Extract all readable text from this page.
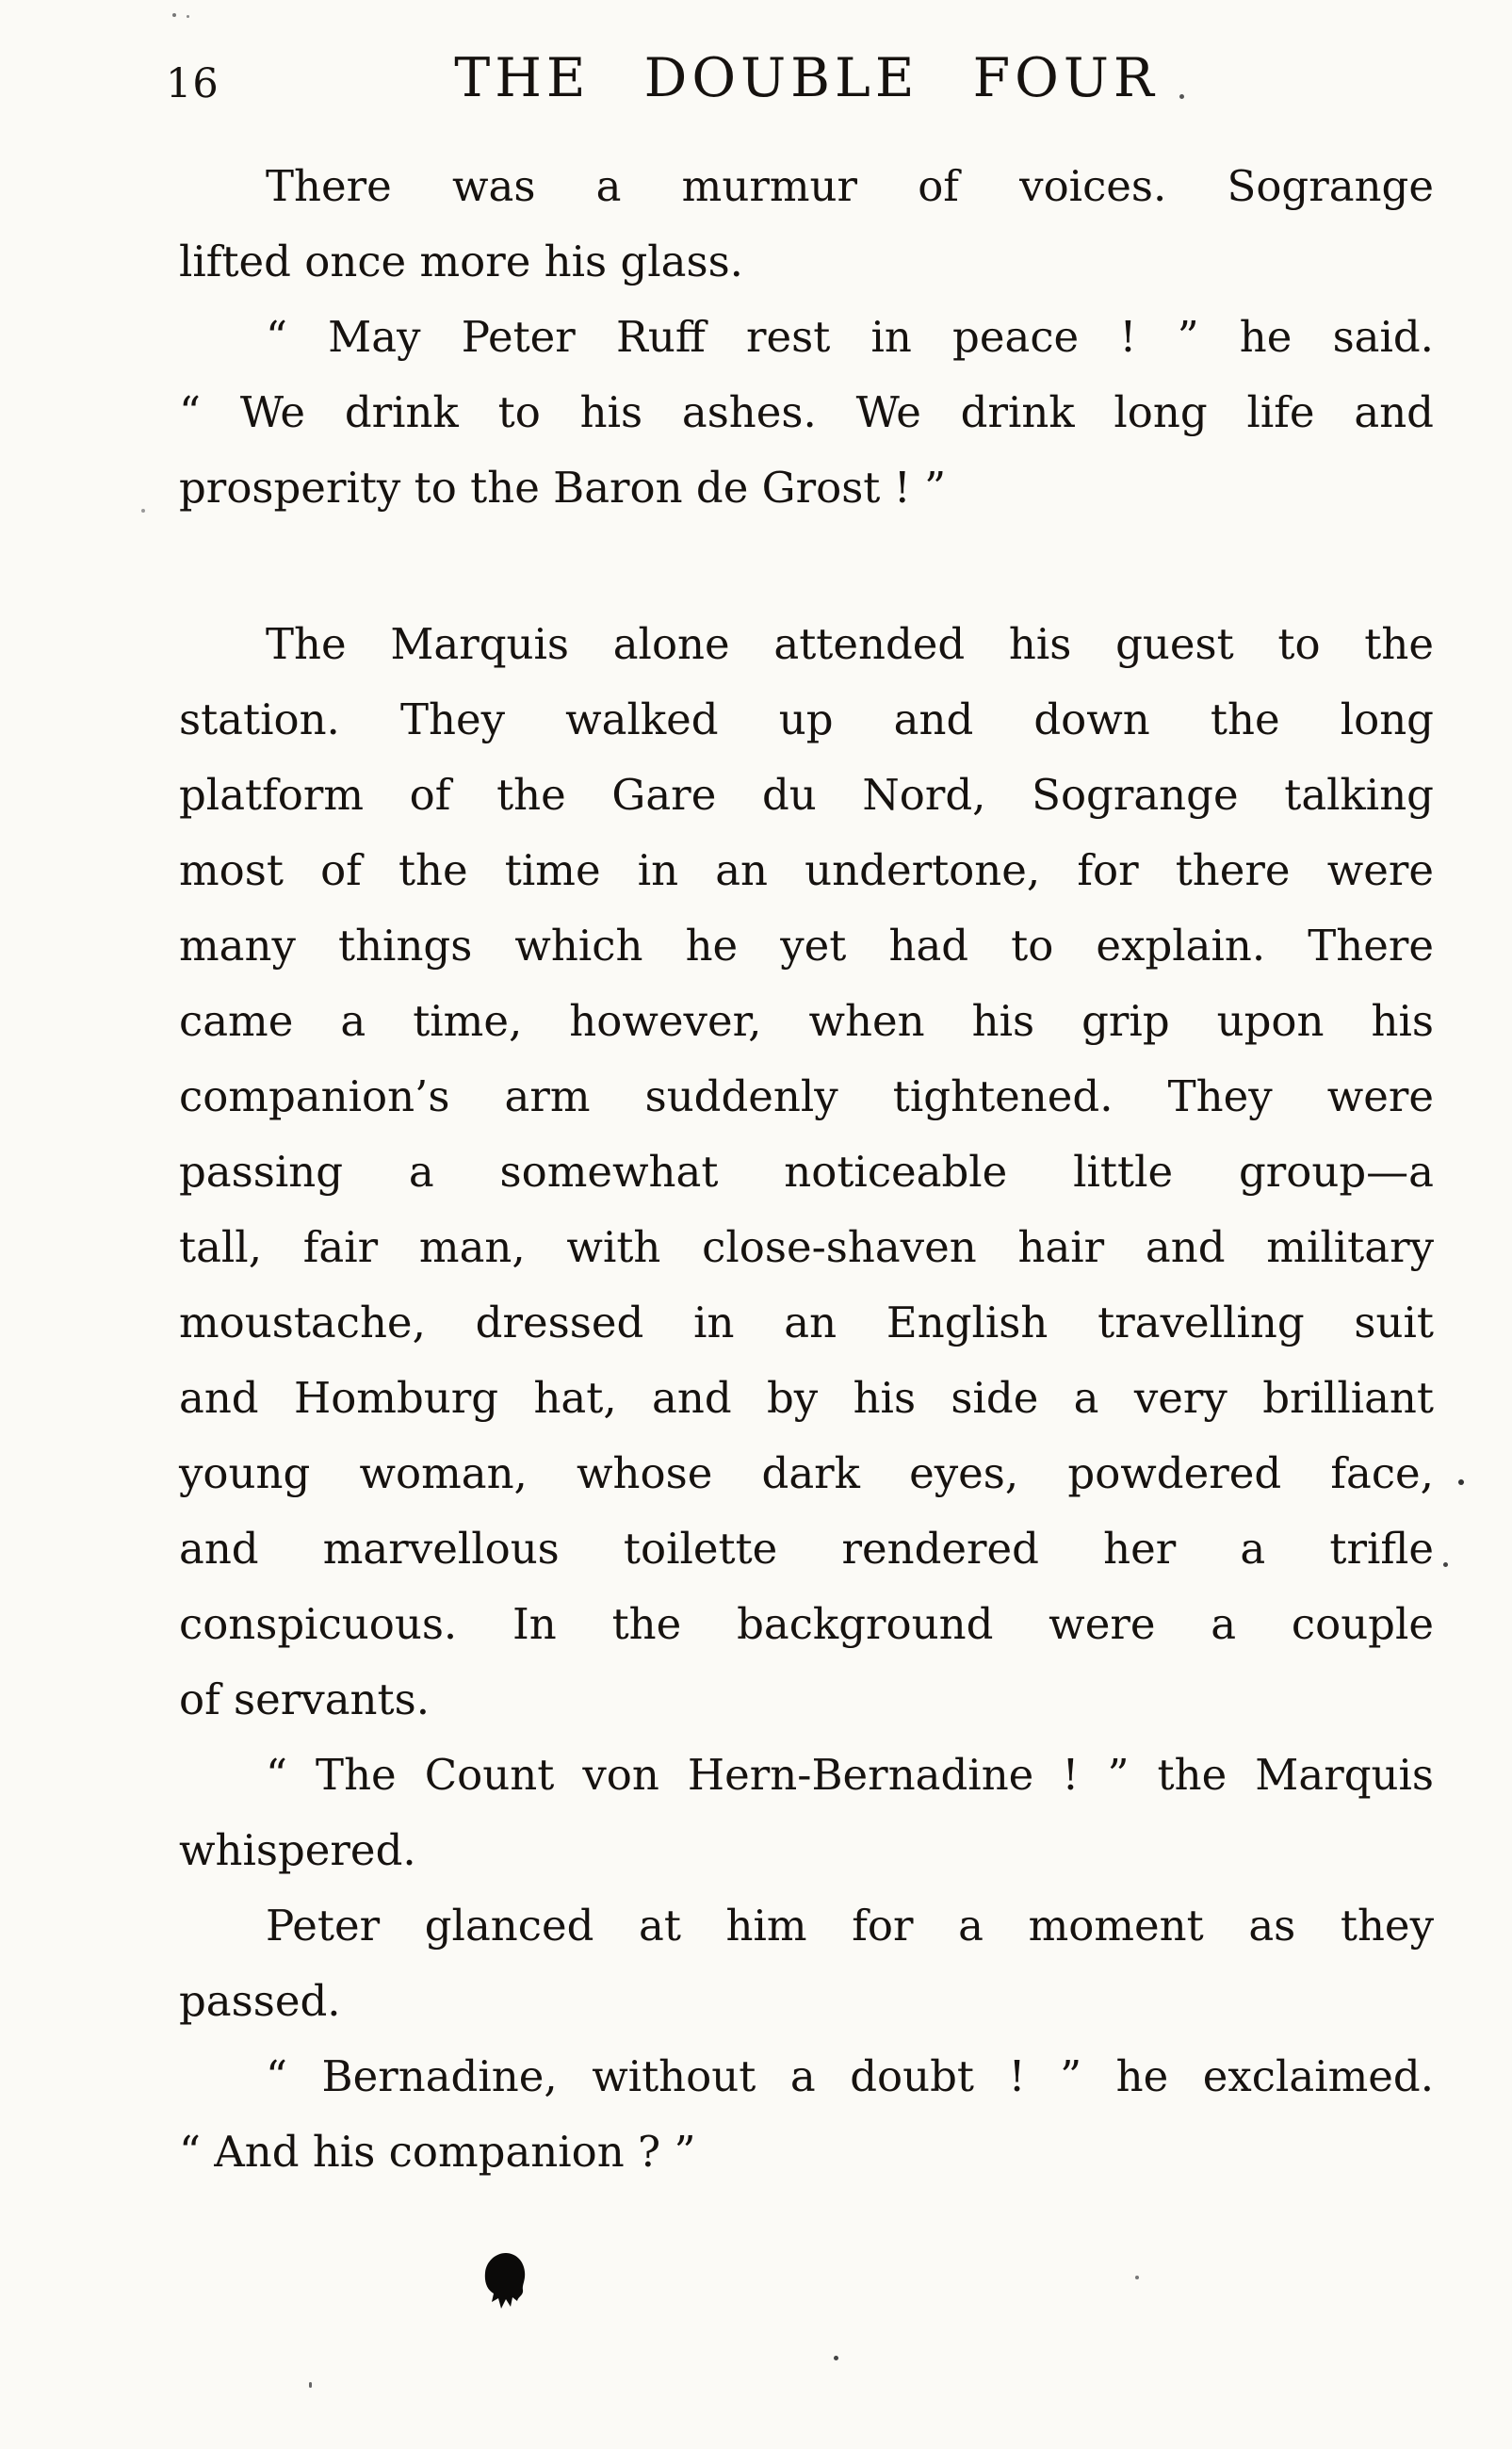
16	THE DOUBLE FOUR
There was a murmur of voices. Sogrange
lifted once more his glass.
“ May Peter Ruff rest in peace ! ” he said.
“ We drink to his ashes. We drink long life and
prosperity to the Baron de Grost ! ”
The Marquis alone attended his guest to the
station. They walked up and down the long
platform of the Gare du Nord, Sogrange talking
most of the time in an undertone, for there were
many things which he yet had to explain. There
came a time, however, when his grip upon his
companion’s arm suddenly tightened. They were
passing a somewhat noticeable little group—a
tall, fair man, with close-shaven hair and military
moustache, dressed in an English travelling suit
and Homburg hat, and by his side a very brilliant
young woman, whose dark eyes, powdered face,
and marvellous toilette rendered her a trifle
conspicuous. In the background were a couple
of servants.
“ The Count von Hern-Bernadine ! ” the Marquis
whispered.
Peter glanced at him for a moment as they
passed.
“ Bernadine, without a doubt ! ” he exclaimed.
“ And his companion ? ”
